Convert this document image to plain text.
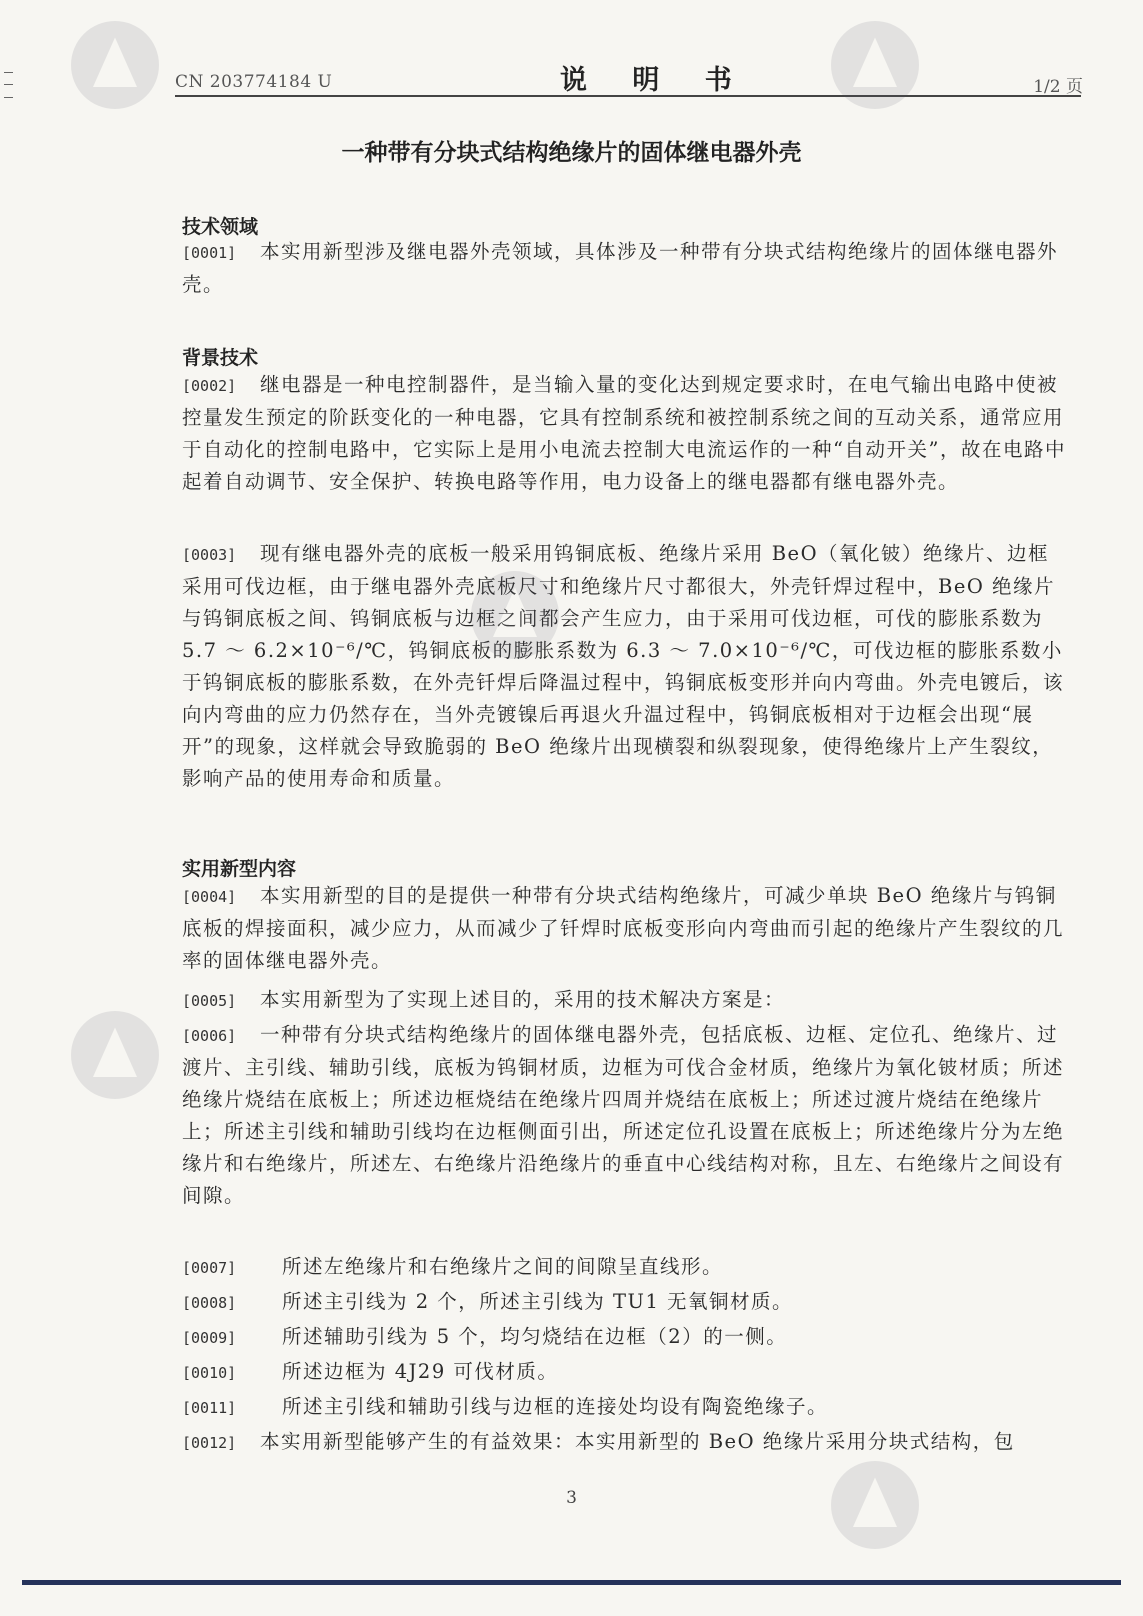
CN 203774184 U	说 明 书	1/2 页
一种带有分块式结构绝缘片的固体继电器外壳
技术领域
[0001] 本实用新型涉及继电器外壳领域，具体涉及一种带有分块式结构绝缘片的固体继电器外壳。
背景技术
[0002] 继电器是一种电控制器件，是当输入量的变化达到规定要求时，在电气输出电路中使被控量发生预定的阶跃变化的一种电器，它具有控制系统和被控制系统之间的互动关系，通常应用于自动化的控制电路中，它实际上是用小电流去控制大电流运作的一种“自动开关”，故在电路中起着自动调节、安全保护、转换电路等作用，电力设备上的继电器都有继电器外壳。
[0003] 现有继电器外壳的底板一般采用钨铜底板、绝缘片采用 BeO（氧化铍）绝缘片、边框采用可伐边框，由于继电器外壳底板尺寸和绝缘片尺寸都很大，外壳钎焊过程中，BeO 绝缘片与钨铜底板之间、钨铜底板与边框之间都会产生应力，由于采用可伐边框，可伐的膨胀系数为 5.7 ～ 6.2×10⁻⁶/℃，钨铜底板的膨胀系数为 6.3 ～ 7.0×10⁻⁶/℃，可伐边框的膨胀系数小于钨铜底板的膨胀系数，在外壳钎焊后降温过程中，钨铜底板变形并向内弯曲。外壳电镀后，该向内弯曲的应力仍然存在，当外壳镀镍后再退火升温过程中，钨铜底板相对于边框会出现“展开”的现象，这样就会导致脆弱的 BeO 绝缘片出现横裂和纵裂现象，使得绝缘片上产生裂纹，影响产品的使用寿命和质量。
实用新型内容
[0004] 本实用新型的目的是提供一种带有分块式结构绝缘片，可减少单块 BeO 绝缘片与钨铜底板的焊接面积，减少应力，从而减少了钎焊时底板变形向内弯曲而引起的绝缘片产生裂纹的几率的固体继电器外壳。
[0005] 本实用新型为了实现上述目的，采用的技术解决方案是：
[0006] 一种带有分块式结构绝缘片的固体继电器外壳，包括底板、边框、定位孔、绝缘片、过渡片、主引线、辅助引线，底板为钨铜材质，边框为可伐合金材质，绝缘片为氧化铍材质；所述绝缘片烧结在底板上；所述边框烧结在绝缘片四周并烧结在底板上；所述过渡片烧结在绝缘片上；所述主引线和辅助引线均在边框侧面引出，所述定位孔设置在底板上；所述绝缘片分为左绝缘片和右绝缘片，所述左、右绝缘片沿绝缘片的垂直中心线结构对称，且左、右绝缘片之间设有间隙。
[0007] 所述左绝缘片和右绝缘片之间的间隙呈直线形。
[0008] 所述主引线为 2 个，所述主引线为 TU1 无氧铜材质。
[0009] 所述辅助引线为 5 个，均匀烧结在边框（2）的一侧。
[0010] 所述边框为 4J29 可伐材质。
[0011] 所述主引线和辅助引线与边框的连接处均设有陶瓷绝缘子。
[0012] 本实用新型能够产生的有益效果：本实用新型的 BeO 绝缘片采用分块式结构，包
3
